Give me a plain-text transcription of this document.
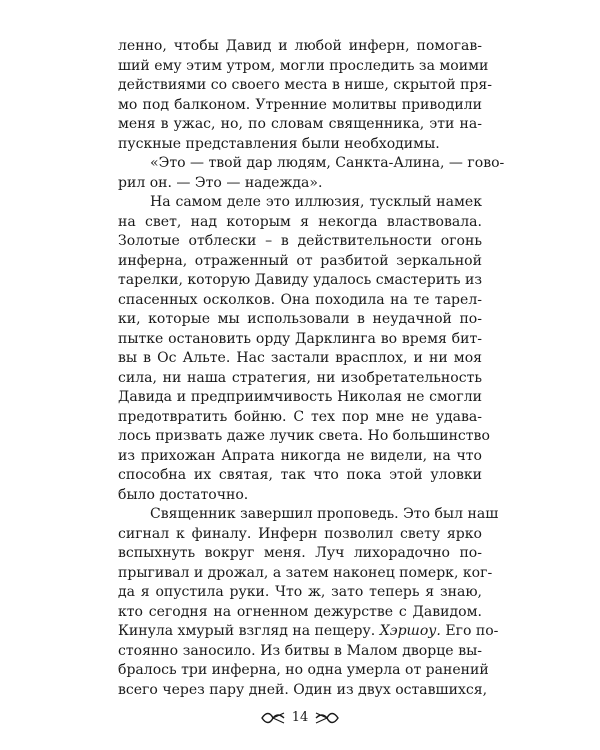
ленно, чтобы Давид и любой инферн, помогав-
ший ему этим утром, могли проследить за моими
действиями со своего места в нише, скрытой пря-
мо под балконом. Утренние молитвы приводили
меня в ужас, но, по словам священника, эти на-
пускные представления были необходимы.
«Это — твой дар людям, Санкта-Алина, — гово-
рил он. — Это — надежда».
На самом деле это иллюзия, тусклый намек
на свет, над которым я некогда властвовала.
Золотые отблески – в действительности огонь
инферна, отраженный от разбитой зеркальной
тарелки, которую Давиду удалось смастерить из
спасенных осколков. Она походила на те тарел-
ки, которые мы использовали в неудачной по-
пытке остановить орду Дарклинга во время бит-
вы в Ос Альте. Нас застали врасплох, и ни моя
сила, ни наша стратегия, ни изобретательность
Давида и предприимчивость Николая не смогли
предотвратить бойню. С тех пор мне не удава-
лось призвать даже лучик света. Но большинство
из прихожан Апрата никогда не видели, на что
способна их святая, так что пока этой уловки
было достаточно.
Священник завершил проповедь. Это был наш
сигнал к финалу. Инферн позволил свету ярко
вспыхнуть вокруг меня. Луч лихорадочно по-
прыгивал и дрожал, а затем наконец померк, ког-
да я опустила руки. Что ж, зато теперь я знаю,
кто сегодня на огненном дежурстве с Давидом.
Кинула хмурый взгляд на пещеру. Хэршоу. Его по-
стоянно заносило. Из битвы в Малом дворце вы-
бралось три инферна, но одна умерла от ранений
всего через пару дней. Один из двух оставшихся,
14
